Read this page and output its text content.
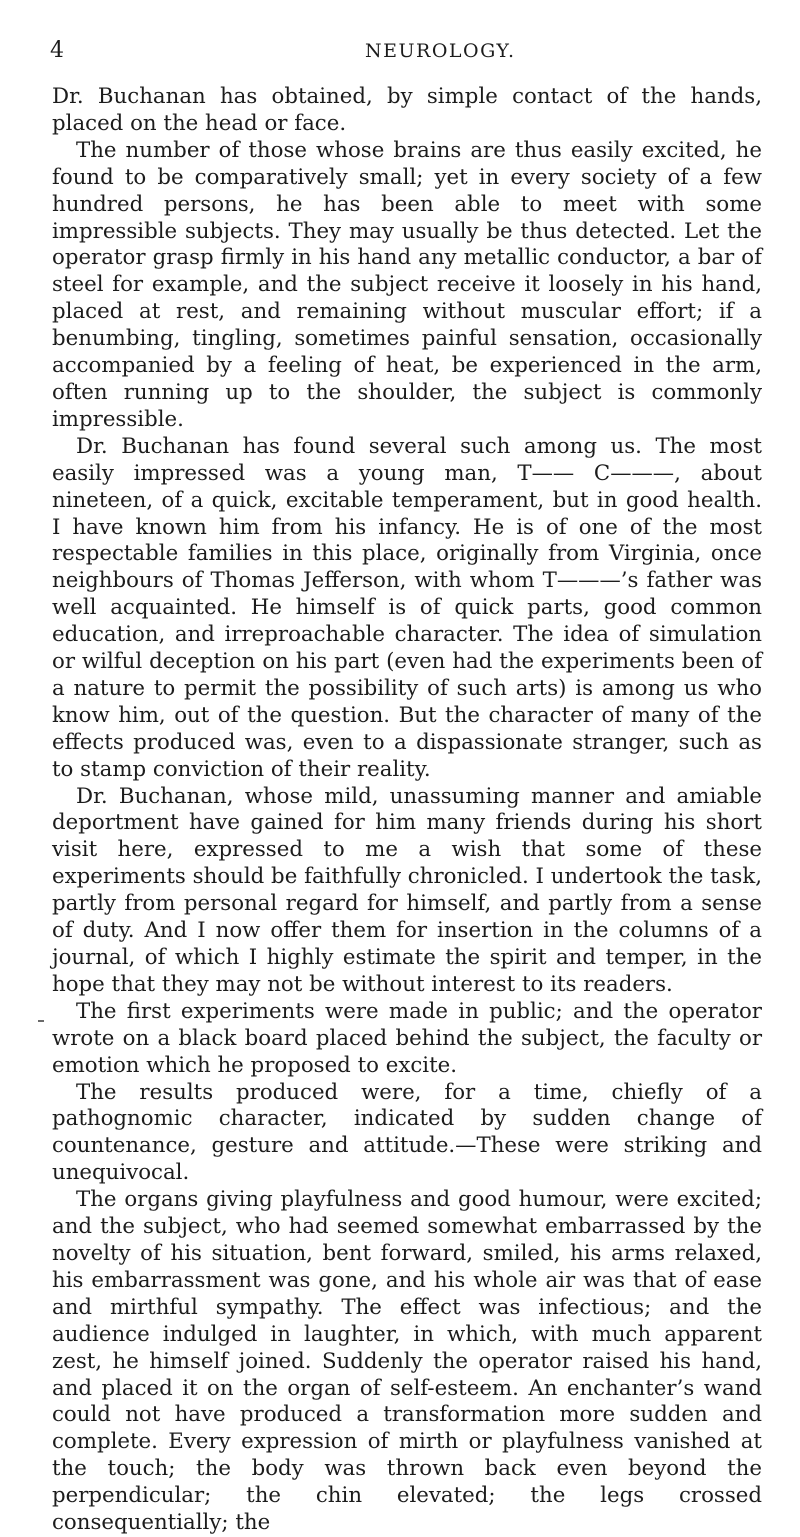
4	NEUROLOGY.

Dr. Buchanan has obtained, by simple contact of the hands, placed on the head or face.

The number of those whose brains are thus easily excited, he found to be comparatively small; yet in every society of a few hundred persons, he has been able to meet with some impressible subjects. They may usually be thus detected. Let the operator grasp firmly in his hand any metallic conductor, a bar of steel for example, and the subject receive it loosely in his hand, placed at rest, and remaining without muscular effort; if a benumbing, tingling, sometimes painful sensation, occasionally accompanied by a feeling of heat, be experienced in the arm, often running up to the shoulder, the subject is commonly impressible.

Dr. Buchanan has found several such among us. The most easily impressed was a young man, T—— C———, about nineteen, of a quick, excitable temperament, but in good health. I have known him from his infancy. He is of one of the most respectable families in this place, originally from Virginia, once neighbours of Thomas Jefferson, with whom T———’s father was well acquainted. He himself is of quick parts, good common education, and irreproachable character. The idea of simulation or wilful deception on his part (even had the experiments been of a nature to permit the possibility of such arts) is among us who know him, out of the question. But the character of many of the effects produced was, even to a dispassionate stranger, such as to stamp conviction of their reality.

Dr. Buchanan, whose mild, unassuming manner and amiable deportment have gained for him many friends during his short visit here, expressed to me a wish that some of these experiments should be faithfully chronicled. I undertook the task, partly from personal regard for himself, and partly from a sense of duty. And I now offer them for insertion in the columns of a journal, of which I highly estimate the spirit and temper, in the hope that they may not be without interest to its readers.

The first experiments were made in public; and the operator wrote on a black board placed behind the subject, the faculty or emotion which he proposed to excite.

The results produced were, for a time, chiefly of a pathognomic character, indicated by sudden change of countenance, gesture and attitude.—These were striking and unequivocal.

The organs giving playfulness and good humour, were excited; and the subject, who had seemed somewhat embarrassed by the novelty of his situation, bent forward, smiled, his arms relaxed, his embarrassment was gone, and his whole air was that of ease and mirthful sympathy. The effect was infectious; and the audience indulged in laughter, in which, with much apparent zest, he himself joined. Suddenly the operator raised his hand, and placed it on the organ of self-esteem. An enchanter’s wand could not have produced a transformation more sudden and complete. Every expression of mirth or playfulness vanished at the touch; the body was thrown back even beyond the perpendicular; the chin elevated; the legs crossed consequentially; the
